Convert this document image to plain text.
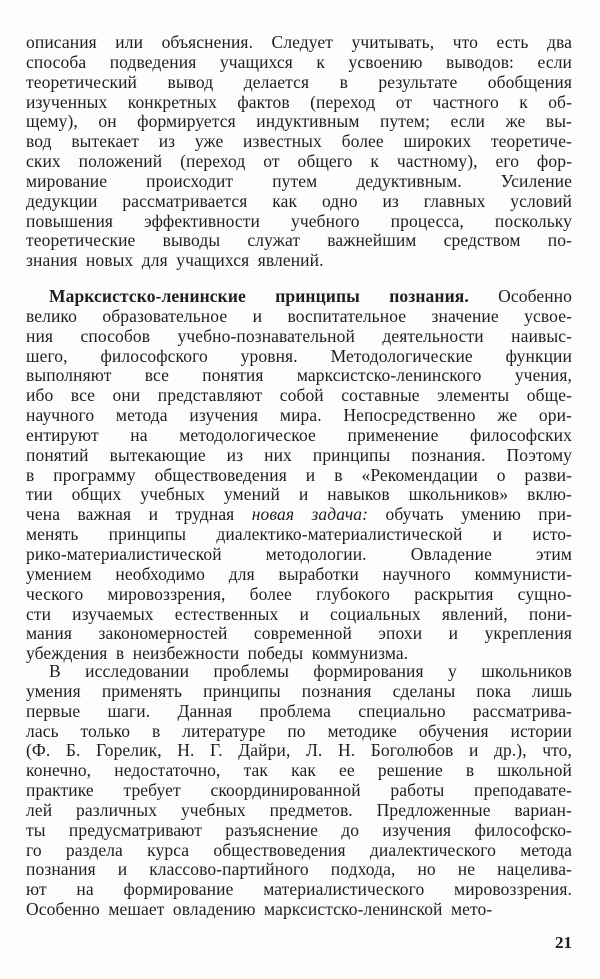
описания или объяснения. Следует учитывать, что есть два
способа подведения учащихся к усвоению выводов: если
теоретический вывод делается в результате обобщения
изученных конкретных фактов (переход от частного к об-
щему), он формируется индуктивным путем; если же вы-
вод вытекает из уже известных более широких теоретиче-
ских положений (переход от общего к частному), его фор-
мирование происходит путем дедуктивным. Усиление
дедукции рассматривается как одно из главных условий
повышения эффективности учебного процесса, поскольку
теоретические выводы служат важнейшим средством по-
знания новых для учащихся явлений.
Марксистско-ленинские принципы познания. Особенно
велико образовательное и воспитательное значение усвое-
ния способов учебно-познавательной деятельности наивыс-
шего, философского уровня. Методологические функции
выполняют все понятия марксистско-ленинского учения,
ибо все они представляют собой составные элементы обще-
научного метода изучения мира. Непосредственно же ори-
ентируют на методологическое применение философских
понятий вытекающие из них принципы познания. Поэтому
в программу обществоведения и в «Рекомендации о разви-
тии общих учебных умений и навыков школьников» вклю-
чена важная и трудная новая задача: обучать умению при-
менять принципы диалектико-материалистической и исто-
рико-материалистической методологии. Овладение этим
умением необходимо для выработки научного коммунисти-
ческого мировоззрения, более глубокого раскрытия сущно-
сти изучаемых естественных и социальных явлений, пони-
мания закономерностей современной эпохи и укрепления
убеждения в неизбежности победы коммунизма.
В исследовании проблемы формирования у школьников
умения применять принципы познания сделаны пока лишь
первые шаги. Данная проблема специально рассматрива-
лась только в литературе по методике обучения истории
(Ф. Б. Горелик, Н. Г. Дайри, Л. Н. Боголюбов и др.), что,
конечно, недостаточно, так как ее решение в школьной
практике требует скоординированной работы преподавате-
лей различных учебных предметов. Предложенные вариан-
ты предусматривают разъяснение до изучения философско-
го раздела курса обществоведения диалектического метода
познания и классово-партийного подхода, но не нацелива-
ют на формирование материалистического мировоззрения.
Особенно мешает овладению марксистско-ленинской мето-
21
